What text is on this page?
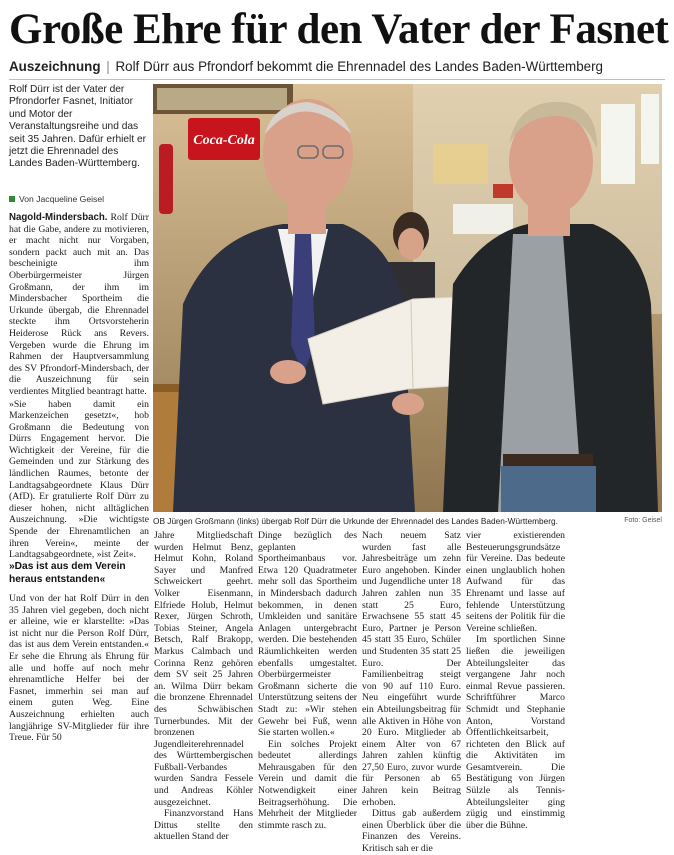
Große Ehre für den Vater der Fasnet
Auszeichnung | Rolf Dürr aus Pfrondorf bekommt die Ehrennadel des Landes Baden-Württemberg
Rolf Dürr ist der Vater der Pfrondorfer Fasnet, Initiator und Motor der Veranstaltungsreihe und das seit 35 Jahren. Dafür erhielt er jetzt die Ehrennadel des Landes Baden-Württemberg.
Von Jacqueline Geisel

Nagold-Mindersbach. Rolf Dürr hat die Gabe, andere zu motivieren, er macht nicht nur Vorgaben, sondern packt auch mit an. Das bescheinigte ihm Oberbürgermeister Jürgen Großmann, der ihm im Mindersbacher Sportheim die Urkunde übergab, die Ehrennadel steckte ihm Ortsvorsteherin Heiderose Rück ans Revers. Vergeben wurde die Ehrung im Rahmen der Hauptversammlung des SV Pfrondorf-Mindersbach, der die Auszeichnung für sein verdientes Mitglied beantragt hatte.

»Sie haben damit ein Markenzeichen gesetzt«, hob Großmann die Bedeutung von Dürrs Engagement hervor. Die Wichtigkeit der Vereine, für die Gemeinden und zur Stärkung des ländlichen Raumes, betonte der Landtagsabgeordnete Klaus Dürr (AfD). Er gratulierte Rolf Dürr zu dieser hohen, nicht alltäglichen Auszeichnung. »Die wichtigste Spende der Ehrenamtlichen an ihren Verein«, meinte der Landtagsabgeordnete, »ist Zeit«.

»Das ist aus dem Verein heraus entstanden«

Und von der hat Rolf Dürr in den 35 Jahren viel gegeben, doch nicht er alleine, wie er klarstellte: »Das ist nicht nur die Person Rolf Dürr, das ist aus dem Verein entstanden.« Er sehe die Ehrung als Ehrung für alle und hoffe auf noch mehr ehrenamtliche Helfer bei der Fasnet, immerhin sei man auf einem guten Weg. Eine Auszeichnung erhielten auch langjährige SV-Mitglieder für ihre Treue. Für 50

Coca-Cola
OB Jürgen Großmann (links) übergab Rolf Dürr die Urkunde der Ehrennadel des Landes Baden-Württemberg.	Foto: Geisel

Jahre Mitgliedschaft wurden Helmut Benz, Helmut Kohn, Roland Sayer und Manfred Schweickert geehrt. Volker Eisenmann, Elfriede Holub, Helmut Rexer, Jürgen Schroth, Tobias Steiner, Angela Betsch, Ralf Brakopp, Markus Calmbach und Corinna Renz gehören dem SV seit 25 Jahren an. Wilma Dürr bekam die bronzene Ehrennadel des Schwäbischen Turnerbundes. Mit der bronzenen Jugendleiterehrennadel des Württembergischen Fußball-Verbandes wurden Sandra Fessele und Andreas Köhler ausgezeichnet.

Finanzvorstand Hans Dittus stellte den aktuellen Stand der

Dinge bezüglich des geplanten Sportheimanbaus vor. Etwa 120 Quadratmeter mehr soll das Sportheim in Mindersbach dadurch bekommen, in denen Umkleiden und sanitäre Anlagen untergebracht werden. Die bestehenden Räumlichkeiten werden ebenfalls umgestaltet. Oberbürgermeister Großmann sicherte die Unterstützung seitens der Stadt zu: »Wir stehen Gewehr bei Fuß, wenn Sie starten wollen.«

Ein solches Projekt bedeutet allerdings Mehrausgaben für den Verein und damit die Notwendigkeit einer Beitragserhöhung. Die Mehrheit der Mitglieder stimmte rasch zu.

Nach neuem Satz wurden fast alle Jahresbeiträge um zehn Euro angehoben. Kinder und Jugendliche unter 18 Jahren zahlen nun 35 statt 25 Euro, Erwachsene 55 statt 45 Euro, Partner je Person 45 statt 35 Euro, Schüler und Studenten 35 statt 25 Euro. Der Familienbeitrag steigt von 90 auf 110 Euro. Neu eingeführt wurde ein Abteilungsbeitrag für alle Aktiven in Höhe von 20 Euro. Mitglieder ab einem Alter von 67 Jahren zahlen künftig 27,50 Euro, zuvor wurde für Personen ab 65 Jahren kein Beitrag erhoben.

Dittus gab außerdem einen Überblick über die Finanzen des Vereins. Kritisch sah er die

vier existierenden Besteuerungsgrundsätze für Vereine. Das bedeute einen unglaublich hohen Aufwand für das Ehrenamt und lasse auf fehlende Unterstützung seitens der Politik für die Vereine schließen.

Im sportlichen Sinne ließen die jeweiligen Abteilungsleiter das vergangene Jahr noch einmal Revue passieren. Schriftführer Marco Schmidt und Stephanie Anton, Vorstand Öffentlichkeitsarbeit, richteten den Blick auf die Aktivitäten im Gesamtverein. Die Bestätigung von Jürgen Sülzle als Tennis-Abteilungsleiter ging zügig und einstimmig über die Bühne.
